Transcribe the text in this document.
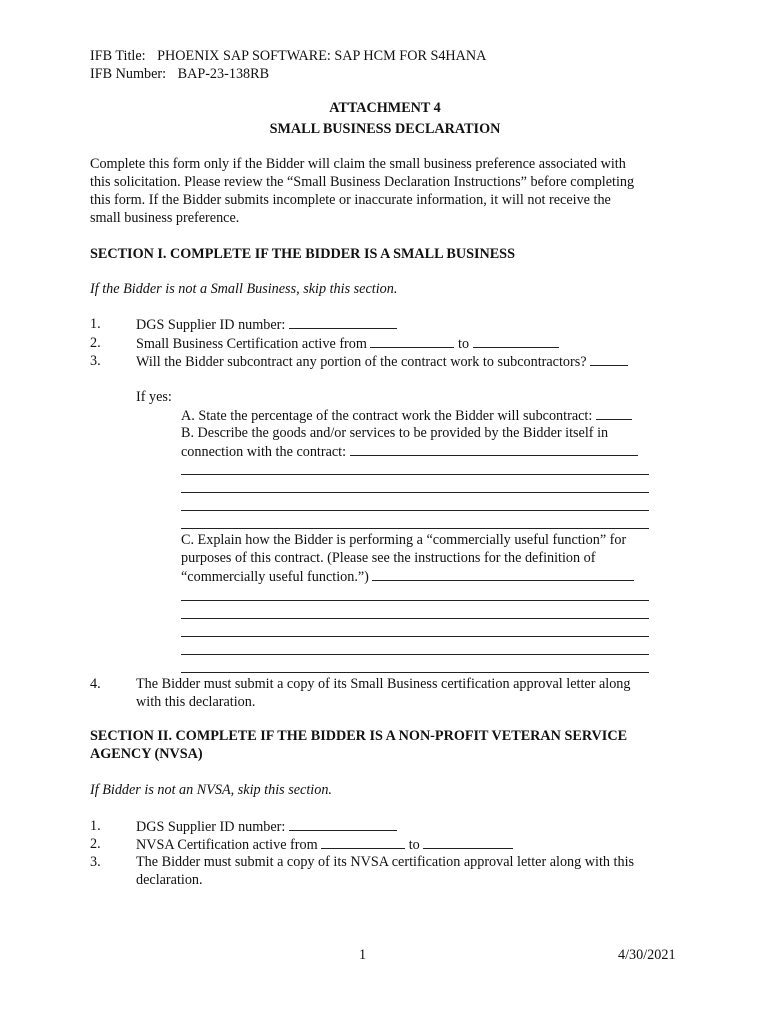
IFB Title: PHOENIX SAP SOFTWARE: SAP HCM FOR S4HANA
IFB Number: BAP-23-138RB
ATTACHMENT 4
SMALL BUSINESS DECLARATION
Complete this form only if the Bidder will claim the small business preference associated with
this solicitation. Please review the “Small Business Declaration Instructions” before completing
this form. If the Bidder submits incomplete or inaccurate information, it will not receive the
small business preference.
SECTION I. COMPLETE IF THE BIDDER IS A SMALL BUSINESS
If the Bidder is not a Small Business, skip this section.
1. DGS Supplier ID number:
2. Small Business Certification active from	to
3. Will the Bidder subcontract any portion of the contract work to subcontractors?
If yes:
A. State the percentage of the contract work the Bidder will subcontract:
B. Describe the goods and/or services to be provided by the Bidder itself in
connection with the contract:
C. Explain how the Bidder is performing a “commercially useful function” for
purposes of this contract. (Please see the instructions for the definition of
“commercially useful function.”)
4. The Bidder must submit a copy of its Small Business certification approval letter along
with this declaration.
SECTION II. COMPLETE IF THE BIDDER IS A NON-PROFIT VETERAN SERVICE
AGENCY (NVSA)
If Bidder is not an NVSA, skip this section.
1. DGS Supplier ID number:
2. NVSA Certification active from	to
3. The Bidder must submit a copy of its NVSA certification approval letter along with this
declaration.
1	4/30/2021
